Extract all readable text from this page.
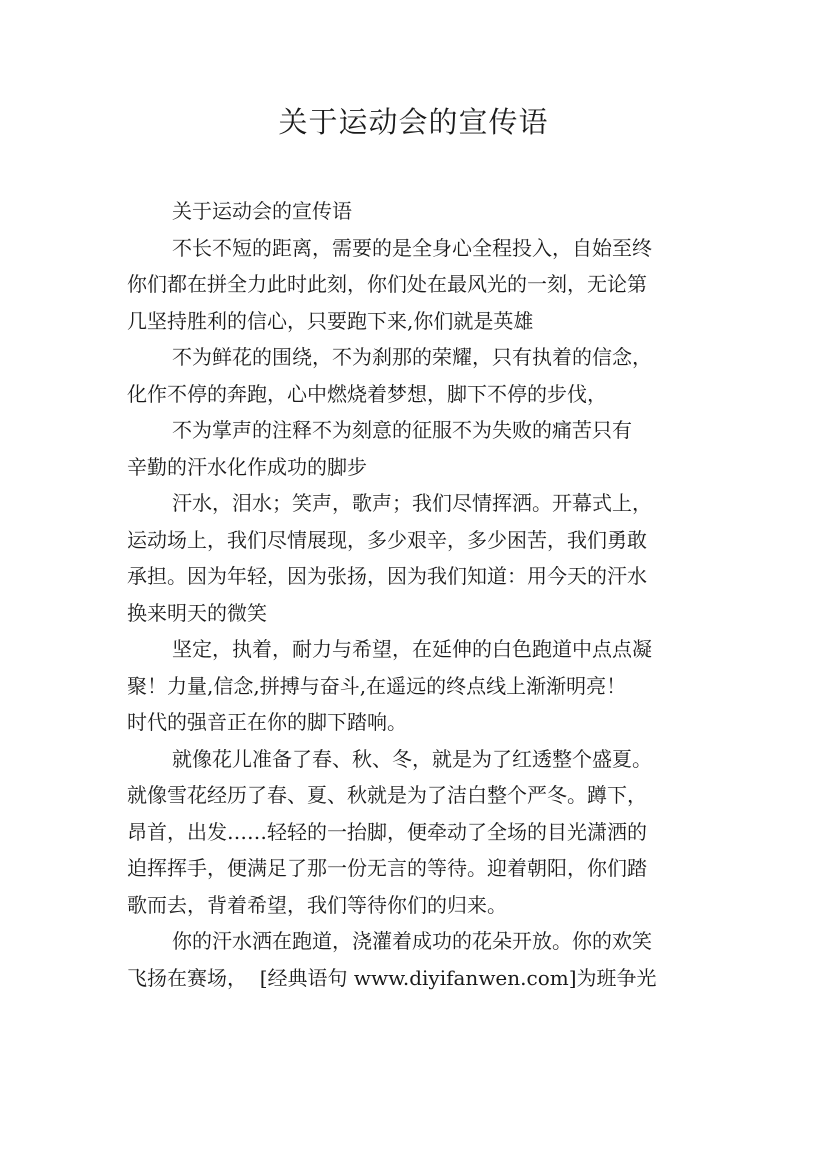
关于运动会的宣传语
关于运动会的宣传语
不长不短的距离，需要的是全身心全程投入，自始至终
你们都在拼全力此时此刻，你们处在最风光的一刻，无论第
几坚持胜利的信心，只要跑下来,你们就是英雄
不为鲜花的围绕，不为刹那的荣耀，只有执着的信念，
化作不停的奔跑，心中燃烧着梦想，脚下不停的步伐，
不为掌声的注释不为刻意的征服不为失败的痛苦只有
辛勤的汗水化作成功的脚步
汗水，泪水；笑声，歌声；我们尽情挥洒。开幕式上，
运动场上，我们尽情展现，多少艰辛，多少困苦，我们勇敢
承担。因为年轻，因为张扬，因为我们知道：用今天的汗水
换来明天的微笑
坚定，执着，耐力与希望，在延伸的白色跑道中点点凝
聚！力量,信念,拼搏与奋斗,在遥远的终点线上渐渐明亮！
时代的强音正在你的脚下踏响。
就像花儿准备了春、秋、冬，就是为了红透整个盛夏。
就像雪花经历了春、夏、秋就是为了洁白整个严冬。蹲下，
昂首，出发……轻轻的一抬脚，便牵动了全场的目光潇洒的
迫挥挥手，便满足了那一份无言的等待。迎着朝阳，你们踏
歌而去，背着希望，我们等待你们的归来。
你的汗水洒在跑道，浇灌着成功的花朵开放。你的欢笑
飞扬在赛场，  [经典语句 www.diyifanwen.com]为班争光
